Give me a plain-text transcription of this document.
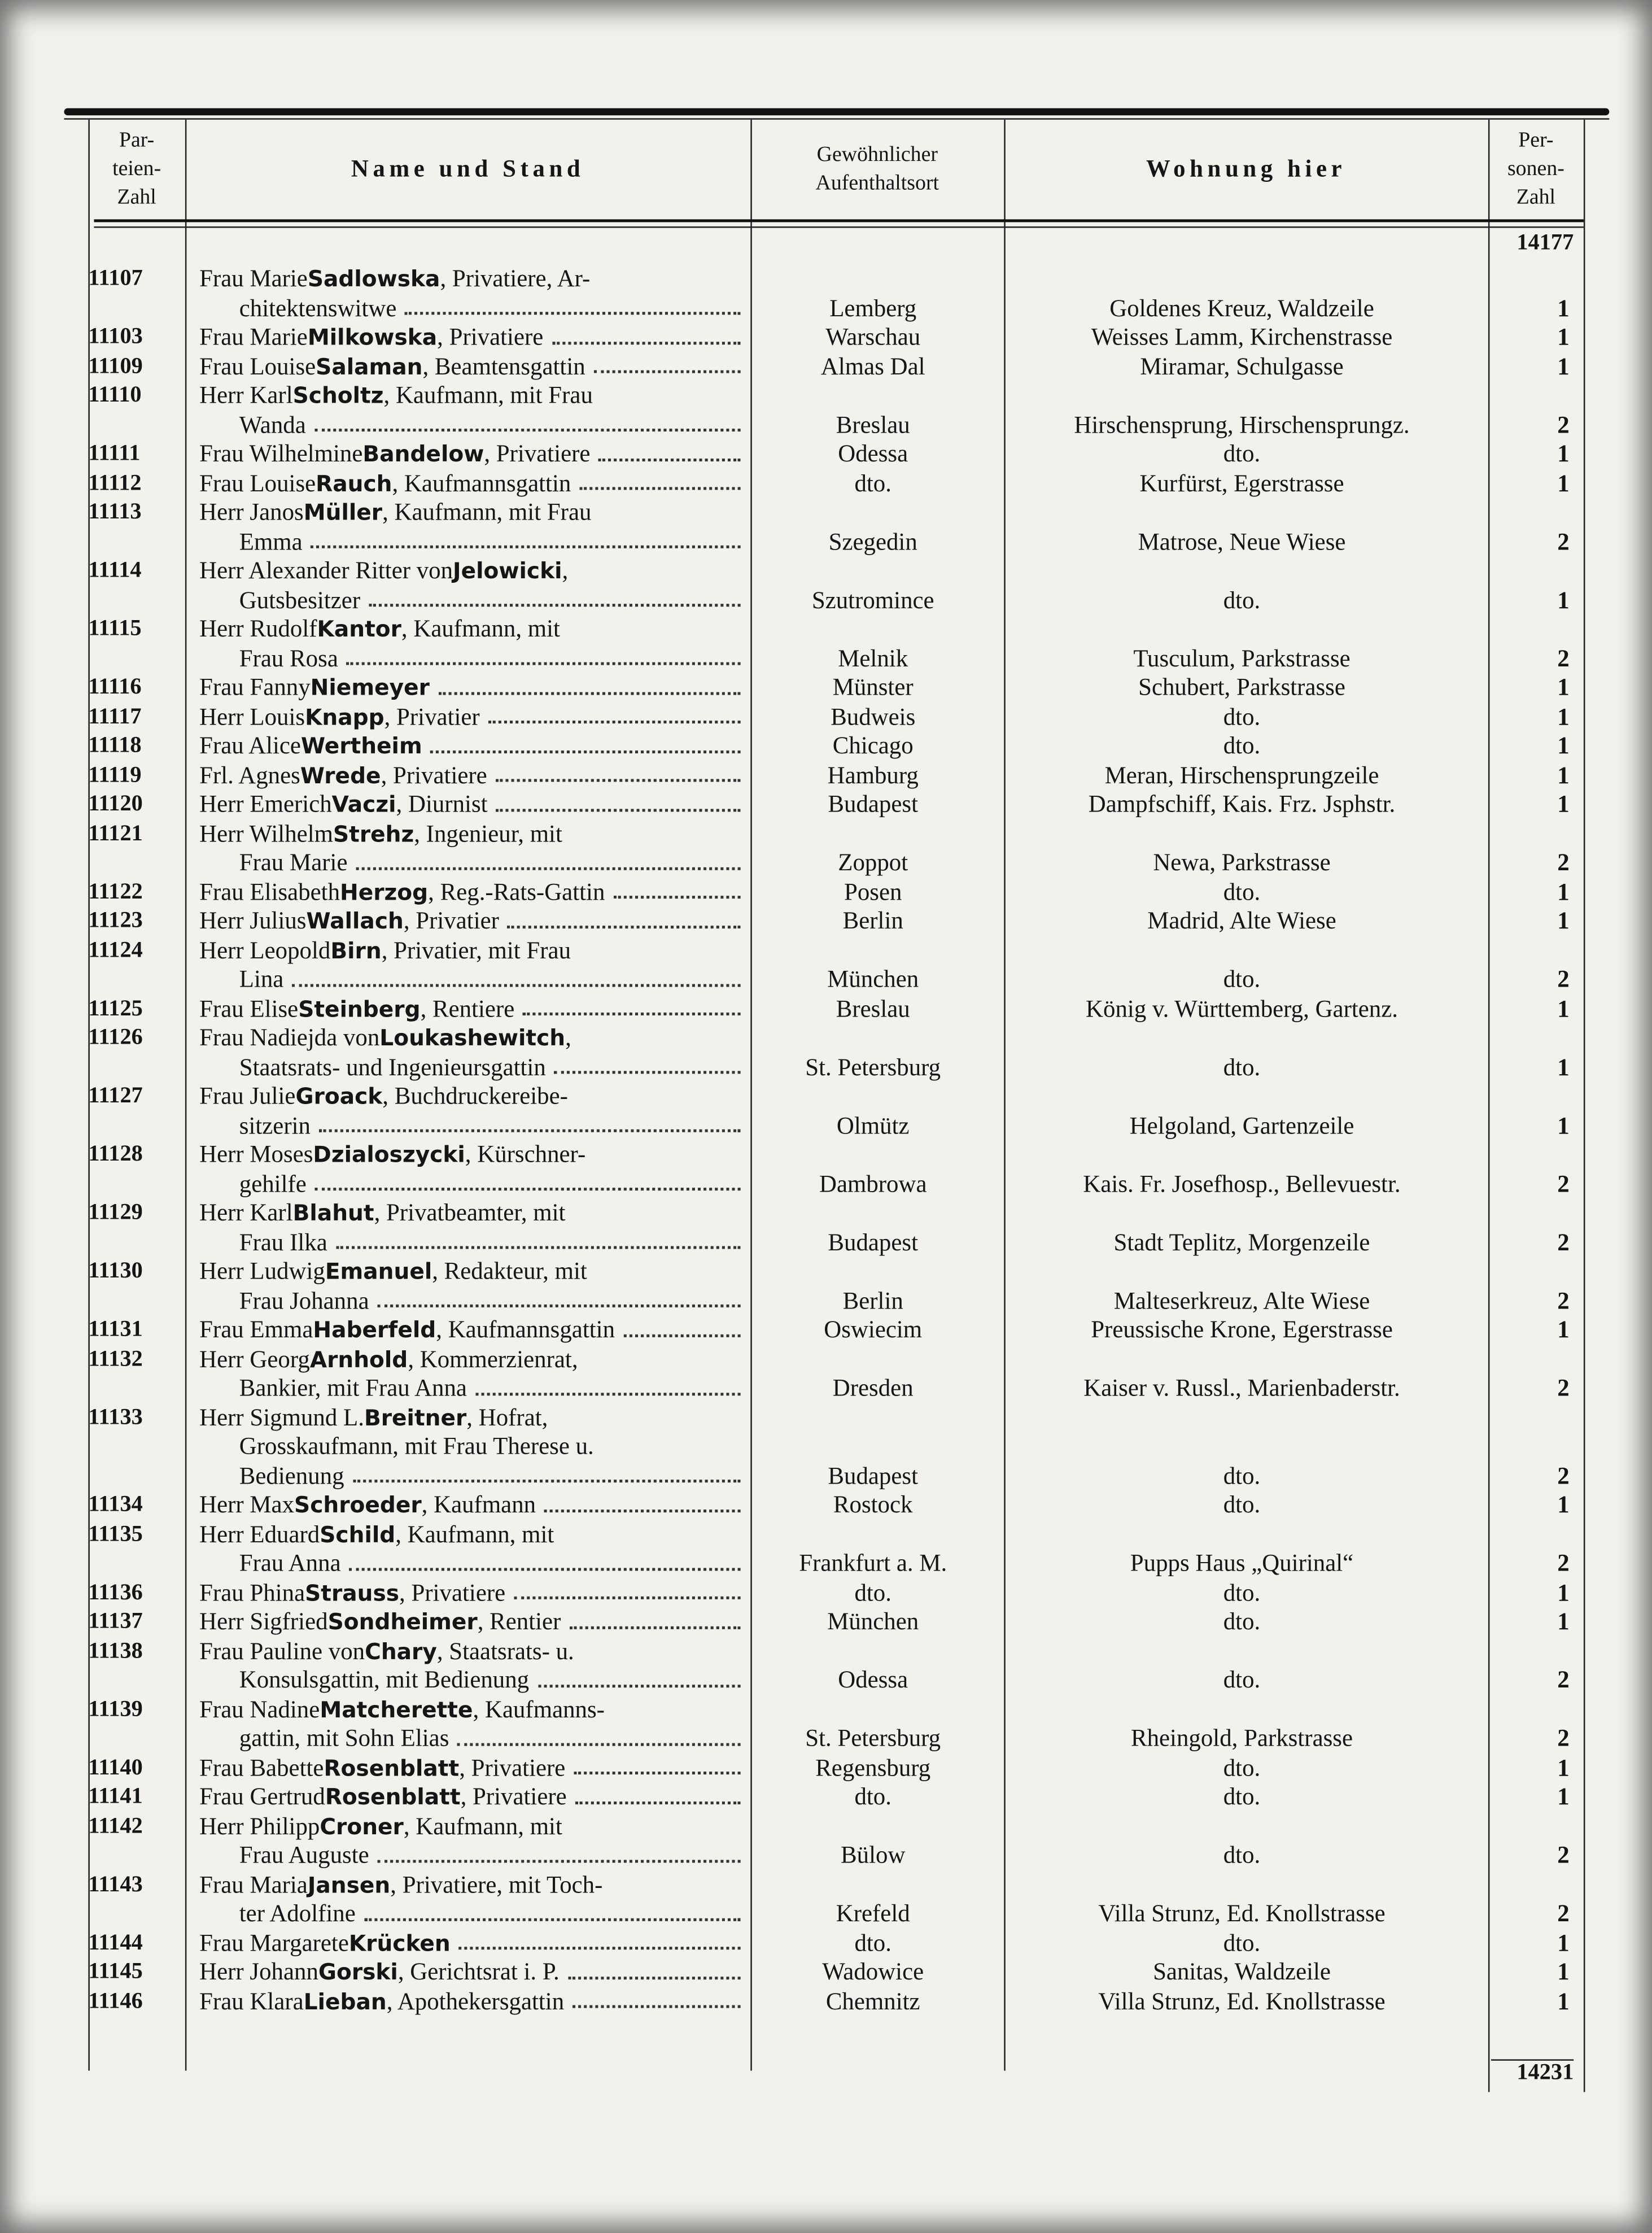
Par-
teien-
Zahl
Name und Stand
Gewöhnlicher
Aufenthaltsort
Wohnung hier
Per-
sonen-
Zahl
14177
11107	Frau Marie Sadlowska , Privatiere, Ar-
chitektenswitwe	Lemberg	Goldenes Kreuz, Waldzeile	1
11103	Frau Marie Milkowska , Privatiere	Warschau	Weisses Lamm, Kirchenstrasse	1
11109	Frau Louise Salaman , Beamtensgattin	Almas Dal	Miramar, Schulgasse	1
11110	Herr Karl Scholtz , Kaufmann, mit Frau
Wanda	Breslau	Hirschensprung, Hirschensprungz.	2
11111	Frau Wilhelmine Bandelow , Privatiere	Odessa	dto.	1
11112	Frau Louise Rauch , Kaufmannsgattin	dto.	Kurfürst, Egerstrasse	1
11113	Herr Janos Müller , Kaufmann, mit Frau
Emma	Szegedin	Matrose, Neue Wiese	2
11114	Herr Alexander Ritter von Jelowicki ,
Gutsbesitzer	Szutromince	dto.	1
11115	Herr Rudolf Kantor , Kaufmann, mit
Frau Rosa	Melnik	Tusculum, Parkstrasse	2
11116	Frau Fanny Niemeyer	Münster	Schubert, Parkstrasse	1
11117	Herr Louis Knapp , Privatier	Budweis	dto.	1
11118	Frau Alice Wertheim	Chicago	dto.	1
11119	Frl. Agnes Wrede , Privatiere	Hamburg	Meran, Hirschensprungzeile	1
11120	Herr Emerich Vaczi , Diurnist	Budapest	Dampfschiff, Kais. Frz. Jsphstr.	1
11121	Herr Wilhelm Strehz , Ingenieur, mit
Frau Marie	Zoppot	Newa, Parkstrasse	2
11122	Frau Elisabeth Herzog , Reg.-Rats-Gattin	Posen	dto.	1
11123	Herr Julius Wallach , Privatier	Berlin	Madrid, Alte Wiese	1
11124	Herr Leopold Birn , Privatier, mit Frau
Lina	München	dto.	2
11125	Frau Elise Steinberg , Rentiere	Breslau	König v. Württemberg, Gartenz.	1
11126	Frau Nadiejda von Loukashewitch ,
Staatsrats- und Ingenieursgattin	St. Petersburg	dto.	1
11127	Frau Julie Groack , Buchdruckereibe-
sitzerin	Olmütz	Helgoland, Gartenzeile	1
11128	Herr Moses Dzialoszycki , Kürschner-
gehilfe	Dambrowa	Kais. Fr. Josefhosp., Bellevuestr.	2
11129	Herr Karl Blahut , Privatbeamter, mit
Frau Ilka	Budapest	Stadt Teplitz, Morgenzeile	2
11130	Herr Ludwig Emanuel , Redakteur, mit
Frau Johanna	Berlin	Malteserkreuz, Alte Wiese	2
11131	Frau Emma Haberfeld , Kaufmannsgattin	Oswiecim	Preussische Krone, Egerstrasse	1
11132	Herr Georg Arnhold , Kommerzienrat,
Bankier, mit Frau Anna	Dresden	Kaiser v. Russl., Marienbaderstr.	2
11133	Herr Sigmund L. Breitner , Hofrat,
Grosskaufmann, mit Frau Therese u.
Bedienung	Budapest	dto.	2
11134	Herr Max Schroeder , Kaufmann	Rostock	dto.	1
11135	Herr Eduard Schild , Kaufmann, mit
Frau Anna	Frankfurt a. M.	Pupps Haus „Quirinal“	2
11136	Frau Phina Strauss , Privatiere	dto.	dto.	1
11137	Herr Sigfried Sondheimer , Rentier	München	dto.	1
11138	Frau Pauline von Chary , Staatsrats- u.
Konsulsgattin, mit Bedienung	Odessa	dto.	2
11139	Frau Nadine Matcherette , Kaufmanns-
gattin, mit Sohn Elias	St. Petersburg	Rheingold, Parkstrasse	2
11140	Frau Babette Rosenblatt , Privatiere	Regensburg	dto.	1
11141	Frau Gertrud Rosenblatt , Privatiere	dto.	dto.	1
11142	Herr Philipp Croner , Kaufmann, mit
Frau Auguste	Bülow	dto.	2
11143	Frau Maria Jansen , Privatiere, mit Toch-
ter Adolfine	Krefeld	Villa Strunz, Ed. Knollstrasse	2
11144	Frau Margarete Krücken	dto.	dto.	1
11145	Herr Johann Gorski , Gerichtsrat i. P.	Wadowice	Sanitas, Waldzeile	1
11146	Frau Klara Lieban , Apothekersgattin	Chemnitz	Villa Strunz, Ed. Knollstrasse	1
14231
